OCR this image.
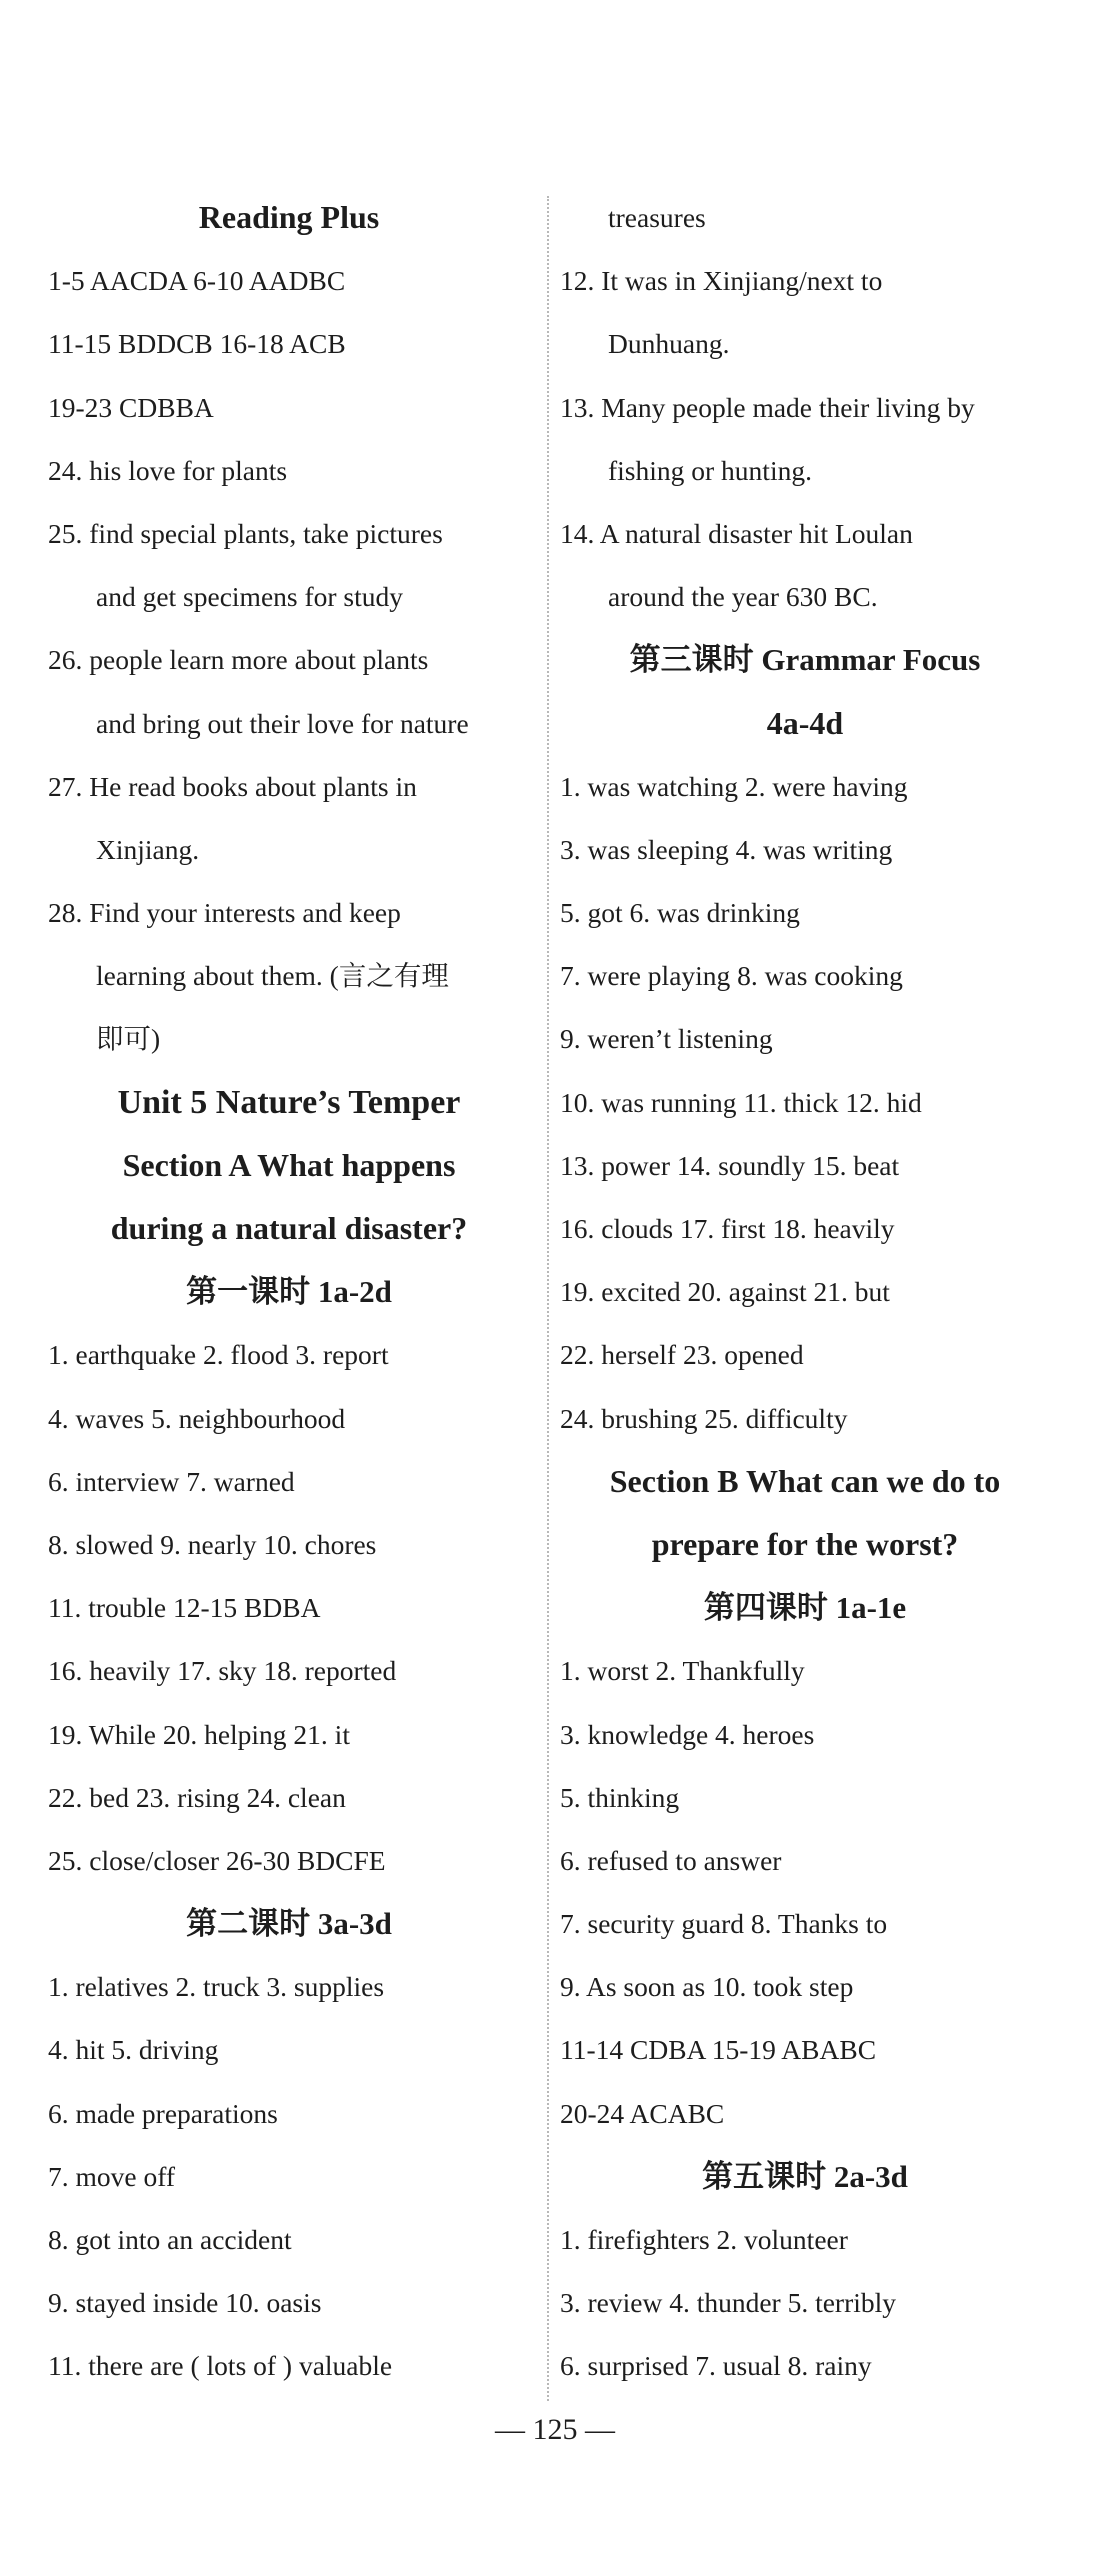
Reading Plus
1-5 AACDA 6-10 AADBC
11-15 BDDCB 16-18 ACB
19-23 CDBBA
24. his love for plants
25. find special plants, take pictures
and get specimens for study
26. people learn more about plants
and bring out their love for nature
27. He read books about plants in
Xinjiang.
28. Find your interests and keep
learning about them. (言之有理
即可)
Unit 5 Nature’s Temper
Section A What happens
during a natural disaster?
第一课时 1a-2d
1. earthquake 2. flood 3. report
4. waves 5. neighbourhood
6. interview 7. warned
8. slowed 9. nearly 10. chores
11. trouble 12-15 BDBA
16. heavily 17. sky 18. reported
19. While 20. helping 21. it
22. bed 23. rising 24. clean
25. close/closer 26-30 BDCFE
第二课时 3a-3d
1. relatives 2. truck 3. supplies
4. hit 5. driving
6. made preparations
7. move off
8. got into an accident
9. stayed inside 10. oasis
11. there are ( lots of ) valuable
treasures
12. It was in Xinjiang/next to
Dunhuang.
13. Many people made their living by
fishing or hunting.
14. A natural disaster hit Loulan
around the year 630 BC.
第三课时 Grammar Focus
4a-4d
1. was watching 2. were having
3. was sleeping 4. was writing
5. got 6. was drinking
7. were playing 8. was cooking
9. weren’t listening
10. was running 11. thick 12. hid
13. power 14. soundly 15. beat
16. clouds 17. first 18. heavily
19. excited 20. against 21. but
22. herself 23. opened
24. brushing 25. difficulty
Section B What can we do to
prepare for the worst?
第四课时 1a-1e
1. worst 2. Thankfully
3. knowledge 4. heroes
5. thinking
6. refused to answer
7. security guard 8. Thanks to
9. As soon as 10. took step
11-14 CDBA 15-19 ABABC
20-24 ACABC
第五课时 2a-3d
1. firefighters 2. volunteer
3. review 4. thunder 5. terribly
6. surprised 7. usual 8. rainy
— 125 —
